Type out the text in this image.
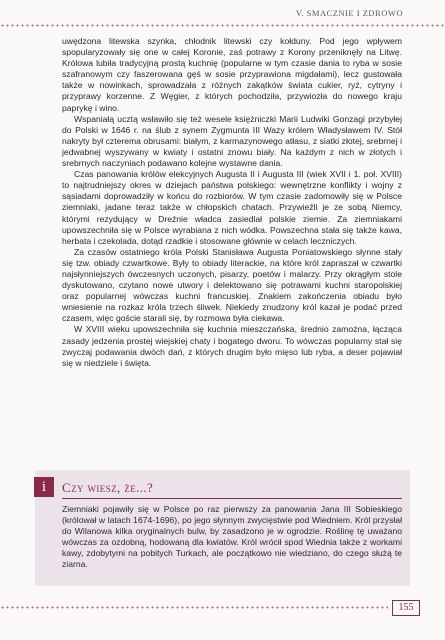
V. SMACZNIE I ZDROWO

uwędzona litewska szynka, chłodnik litewski czy kołduny. Pod jego wpływem spopularyzowały się one w całej Koronie, zaś potrawy z Korony przeniknęły na Litwę. Królowa lubiła tradycyjną prostą kuchnię (popularne w tym czasie dania to ryba w sosie szafranowym czy faszerowana gęś w sosie przyprawiona migdałami), lecz gustowała także w nowinkach, sprowadzała z różnych zakątków świata cukier, ryż, cytryny i przyprawy korzenne. Z Węgier, z których pochodziła, przywiozła do nowego kraju paprykę i wino.

Wspaniałą ucztą wsławiło się też wesele księżniczki Marii Ludwiki Gonzagi przybyłej do Polski w 1646 r. na ślub z synem Zygmunta III Wazy królem Władysławem IV. Stół nakryty był czterema obrusami: białym, z karmazynowego atłasu, z siatki złotej, srebrnej i jedwabnej wyszywany w kwiaty i ostatni znowu biały. Na każdym z nich w złotych i srebrnych naczyniach podawano kolejne wystawne dania.

Czas panowania królów elekcyjnych Augusta II i Augusta III (wiek XVII i 1. poł. XVIII) to najtrudniejszy okres w dziejach państwa polskiego: wewnętrzne konflikty i wojny z sąsiadami doprowadziły w końcu do rozbiorów. W tym czasie zadomowiły się w Polsce ziemniaki, jadane teraz także w chłopskich chatach. Przywieźli je ze sobą Niemcy, którymi rezydujący w Dreźnie władca zasiedlał polskie ziemie. Za ziemniakami upowszechniła się w Polsce wyrabiana z nich wódka. Powszechna stała się także kawa, herbata i czekolada, dotąd rzadkie i stosowane głównie w celach leczniczych.

Za czasów ostatniego króla Polski Stanisława Augusta Poniatowskiego słynne stały się tzw. obiady czwartkowe. Były to obiady literackie, na które król zapraszał w czwartki najsłynniejszych ówczesnych uczonych, pisarzy, poetów i malarzy. Przy okrągłym stole dyskutowano, czytano nowe utwory i delektowano się potrawami kuchni staropolskiej oraz popularnej wówczas kuchni francuskiej. Znakiem zakończenia obiadu było wniesienie na rozkaz króla trzech śliwek. Niekiedy znudzony król kazał je podać przed czasem, więc goście starali się, by rozmowa była ciekawa.

W XVIII wieku upowszechniła się kuchnia mieszczańska, średnio zamożna, łącząca zasady jedzenia prostej wiejskiej chaty i bogatego dworu. To wówczas popularny stał się zwyczaj podawania dwóch dań, z których drugim było mięso lub ryba, a deser pojawiał się w niedziele i święta.

i	Czy wiesz, że...?
Ziemniaki pojawiły się w Polsce po raz pierwszy za panowania Jana III Sobieskiego (królował w latach 1674-1696), po jego słynnym zwycięstwie pod Wiedniem. Król przysłał do Wilanowa kilka oryginalnych bulw, by zasadzono je w ogrodzie. Roślinę tę uważano wówczas za ozdobną, hodowaną dla kwiatów. Król wrócił spod Wiednia także z workami kawy, zdobytymi na pobitych Turkach, ale początkowo nie wiedziano, do czego służą te ziarna.
155
